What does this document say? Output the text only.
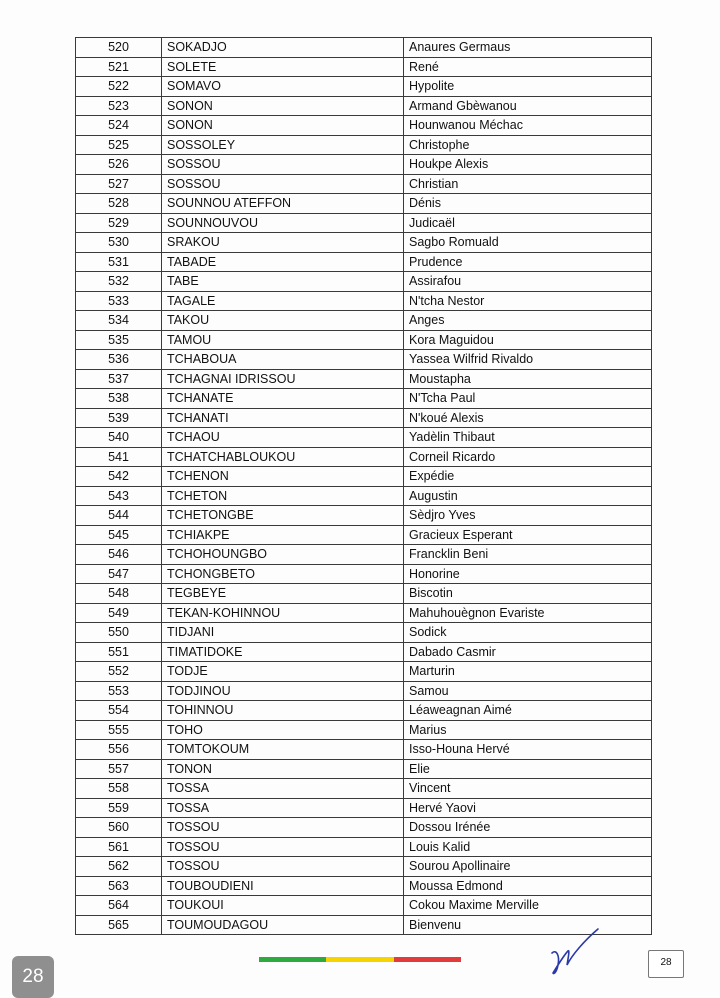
520	SOKADJO	Anaures Germaus
521	SOLETE	René
522	SOMAVO	Hypolite
523	SONON	Armand Gbèwanou
524	SONON	Hounwanou Méchac
525	SOSSOLEY	Christophe
526	SOSSOU	Houkpe Alexis
527	SOSSOU	Christian
528	SOUNNOU ATEFFON	Dénis
529	SOUNNOUVOU	Judicaël
530	SRAKOU	Sagbo Romuald
531	TABADE	Prudence
532	TABE	Assirafou
533	TAGALE	N'tcha Nestor
534	TAKOU	Anges
535	TAMOU	Kora Maguidou
536	TCHABOUA	Yassea Wilfrid Rivaldo
537	TCHAGNAI IDRISSOU	Moustapha
538	TCHANATE	N'Tcha Paul
539	TCHANATI	N'koué Alexis
540	TCHAOU	Yadèlin Thibaut
541	TCHATCHABLOUKOU	Corneil Ricardo
542	TCHENON	Expédie
543	TCHETON	Augustin
544	TCHETONGBE	Sèdjro Yves
545	TCHIAKPE	Gracieux Esperant
546	TCHOHOUNGBO	Francklin Beni
547	TCHONGBETO	Honorine
548	TEGBEYE	Biscotin
549	TEKAN-KOHINNOU	Mahuhouègnon Evariste
550	TIDJANI	Sodick
551	TIMATIDOKE	Dabado Casmir
552	TODJE	Marturin
553	TODJINOU	Samou
554	TOHINNOU	Léaweagnan Aimé
555	TOHO	Marius
556	TOMTOKOUM	Isso-Houna Hervé
557	TONON	Elie
558	TOSSA	Vincent
559	TOSSA	Hervé Yaovi
560	TOSSOU	Dossou Irénée
561	TOSSOU	Louis Kalid
562	TOSSOU	Sourou Apollinaire
563	TOUBOUDIENI	Moussa Edmond
564	TOUKOUI	Cokou Maxime Merville
565	TOUMOUDAGOU	Bienvenu
28
28
